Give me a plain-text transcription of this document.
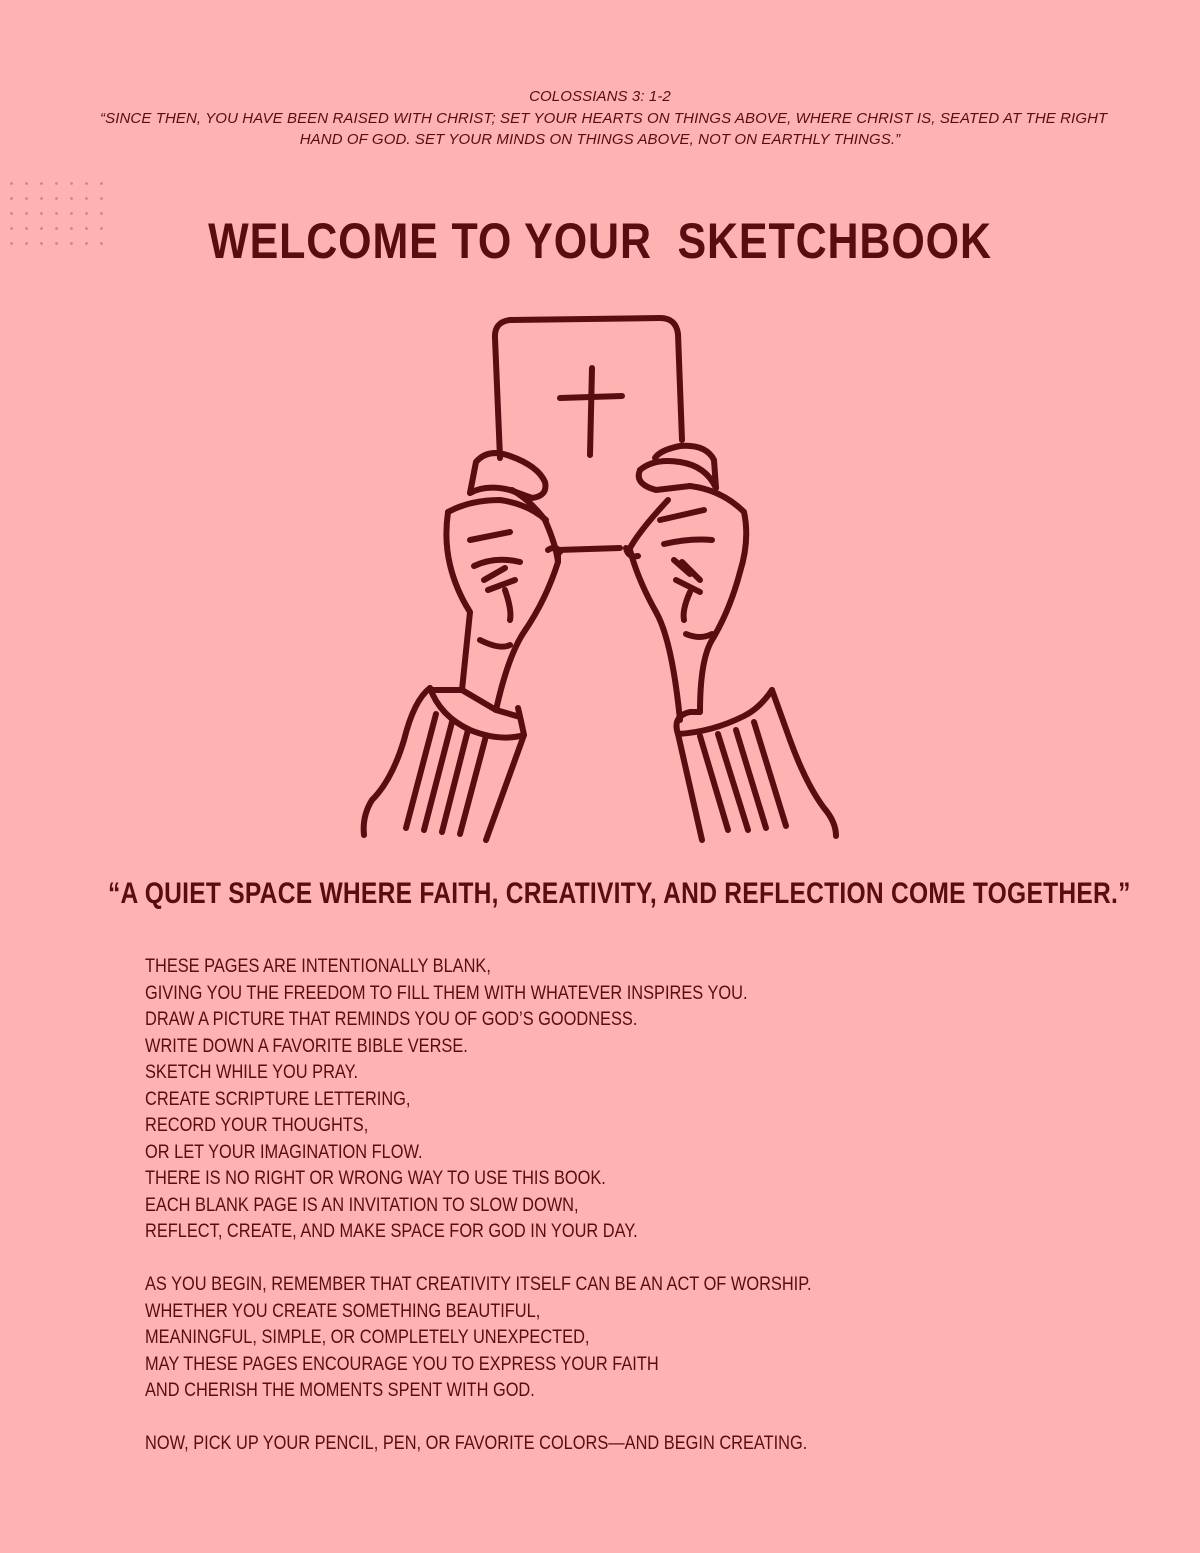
COLOSSIANS 3: 1-2
“SINCE THEN, YOU HAVE BEEN RAISED WITH CHRIST; SET YOUR HEARTS ON THINGS ABOVE, WHERE CHRIST IS, SEATED AT THE RIGHT
HAND OF GOD. SET YOUR MINDS ON THINGS ABOVE, NOT ON EARTHLY THINGS.”
WELCOME TO YOUR  SKETCHBOOK
“A QUIET SPACE WHERE FAITH, CREATIVITY, AND REFLECTION COME TOGETHER.”
THESE PAGES ARE INTENTIONALLY BLANK,
GIVING YOU THE FREEDOM TO FILL THEM WITH WHATEVER INSPIRES YOU.
DRAW A PICTURE THAT REMINDS YOU OF GOD’S GOODNESS.
WRITE DOWN A FAVORITE BIBLE VERSE.
SKETCH WHILE YOU PRAY.
CREATE SCRIPTURE LETTERING,
RECORD YOUR THOUGHTS,
OR LET YOUR IMAGINATION FLOW.
THERE IS NO RIGHT OR WRONG WAY TO USE THIS BOOK.
EACH BLANK PAGE IS AN INVITATION TO SLOW DOWN,
REFLECT, CREATE, AND MAKE SPACE FOR GOD IN YOUR DAY.
AS YOU BEGIN, REMEMBER THAT CREATIVITY ITSELF CAN BE AN ACT OF WORSHIP.
WHETHER YOU CREATE SOMETHING BEAUTIFUL,
MEANINGFUL, SIMPLE, OR COMPLETELY UNEXPECTED,
MAY THESE PAGES ENCOURAGE YOU TO EXPRESS YOUR FAITH
AND CHERISH THE MOMENTS SPENT WITH GOD.
NOW, PICK UP YOUR PENCIL, PEN, OR FAVORITE COLORS—AND BEGIN CREATING.
